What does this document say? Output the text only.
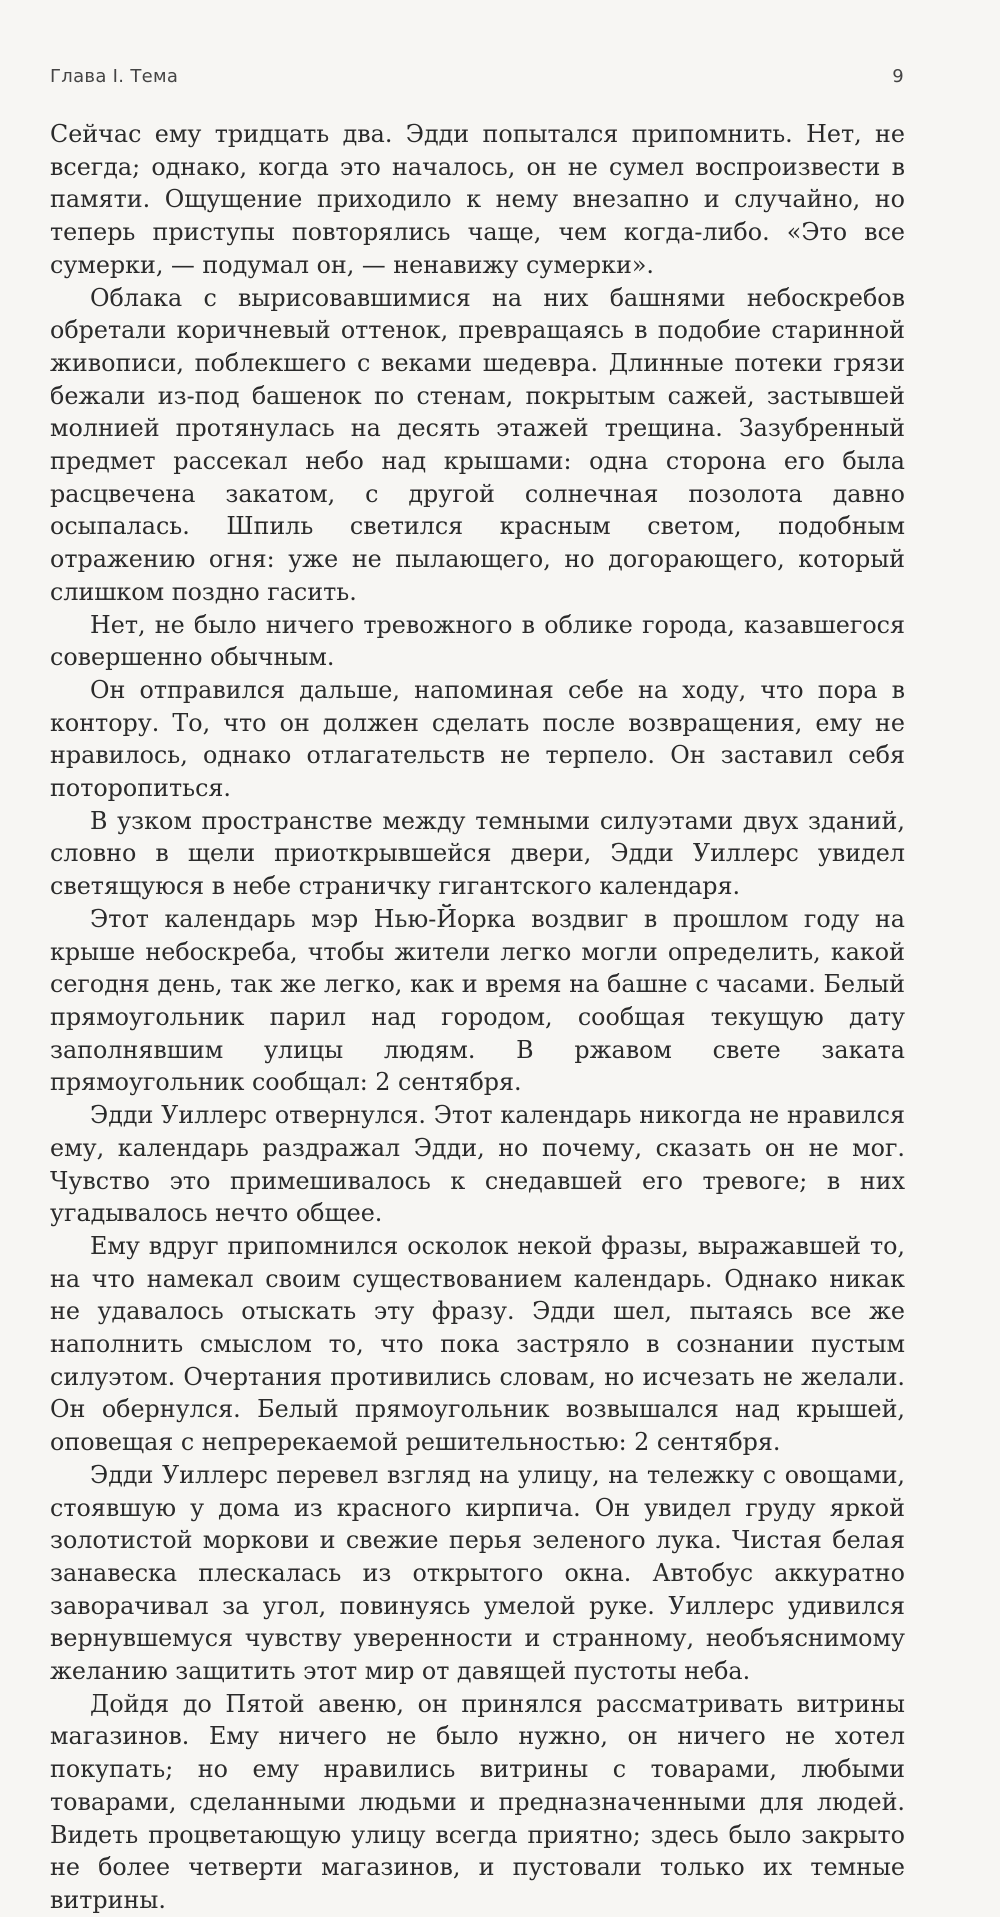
Глава I. Тема	9

Сейчас ему тридцать два. Эдди попытался припомнить. Нет, не всегда; однако, когда это началось, он не сумел воспроизвести в памяти. Ощущение приходило к нему внезапно и случайно, но теперь приступы повторялись чаще, чем когда-либо. «Это все сумерки, — подумал он, — ненавижу сумерки».

Облака с вырисовавшимися на них башнями небоскребов обретали коричневый оттенок, превращаясь в подобие старинной живописи, поблекшего с веками шедевра. Длинные потеки грязи бежали из-под башенок по стенам, покрытым сажей, застывшей молнией протянулась на десять этажей трещина. Зазубренный предмет рассекал небо над крышами: одна сторона его была расцвечена закатом, с другой солнечная позолота давно осыпалась. Шпиль светился красным светом, подобным отражению огня: уже не пылающего, но догорающего, который слишком поздно гасить.

Нет, не было ничего тревожного в облике города, казавшегося совершенно обычным.

Он отправился дальше, напоминая себе на ходу, что пора в контору. То, что он должен сделать после возвращения, ему не нравилось, однако отлагательств не терпело. Он заставил себя поторопиться.

В узком пространстве между темными силуэтами двух зданий, словно в щели приоткрывшейся двери, Эдди Уиллерс увидел светящуюся в небе страничку гигантского календаря.

Этот календарь мэр Нью-Йорка воздвиг в прошлом году на крыше небоскреба, чтобы жители легко могли определить, какой сегодня день, так же легко, как и время на башне с часами. Белый прямоугольник парил над городом, сообщая текущую дату заполнявшим улицы людям. В ржавом свете заката прямоугольник сообщал: 2 сентября.

Эдди Уиллерс отвернулся. Этот календарь никогда не нравился ему, календарь раздражал Эдди, но почему, сказать он не мог. Чувство это примешивалось к снедавшей его тревоге; в них угадывалось нечто общее.

Ему вдруг припомнился осколок некой фразы, выражавшей то, на что намекал своим существованием календарь. Однако никак не удавалось отыскать эту фразу. Эдди шел, пытаясь все же наполнить смыслом то, что пока застряло в сознании пустым силуэтом. Очертания противились словам, но исчезать не желали. Он обернулся. Белый прямоугольник возвышался над крышей, оповещая с непререкаемой решительностью: 2 сентября.

Эдди Уиллерс перевел взгляд на улицу, на тележку с овощами, стоявшую у дома из красного кирпича. Он увидел груду яркой золотистой моркови и свежие перья зеленого лука. Чистая белая занавеска плескалась из открытого окна. Автобус аккуратно заворачивал за угол, повинуясь умелой руке. Уиллерс удивился вернувшемуся чувству уверенности и странному, необъяснимому желанию защитить этот мир от давящей пустоты неба.

Дойдя до Пятой авеню, он принялся рассматривать витрины магазинов. Ему ничего не было нужно, он ничего не хотел покупать; но ему нравились витрины с товарами, любыми товарами, сделанными людьми и предназначенными для людей. Видеть процветающую улицу всегда приятно; здесь было закрыто не более четверти магазинов, и пустовали только их темные витрины.
